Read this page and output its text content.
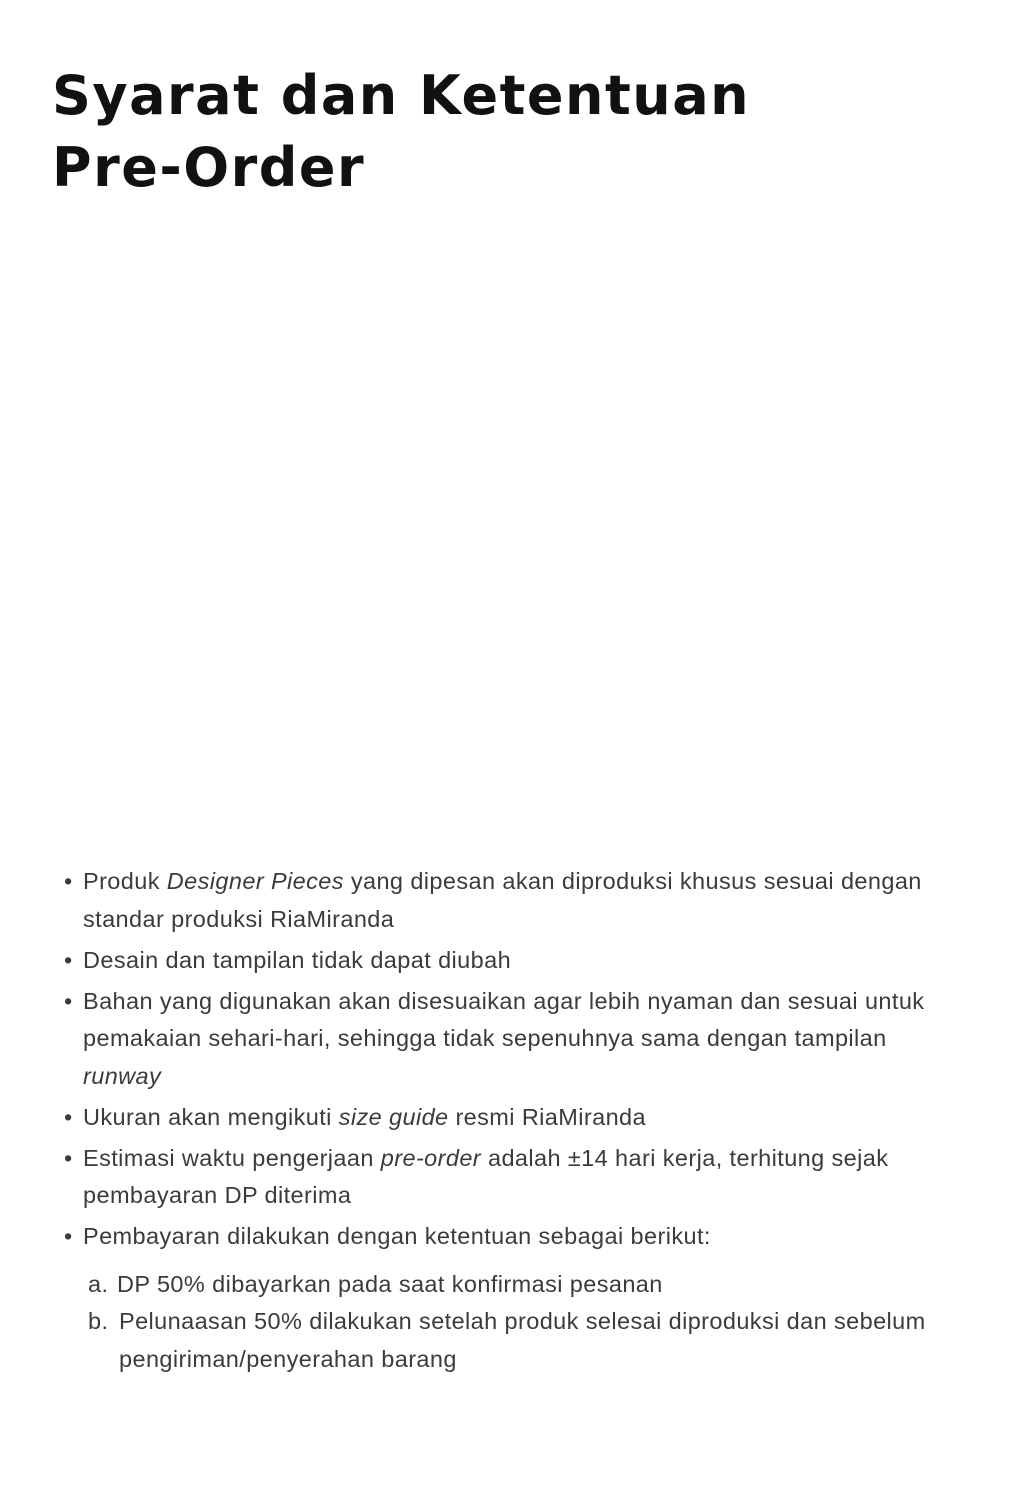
Syarat dan Ketentuan
Pre-Order
• Produk Designer Pieces yang dipesan akan diproduksi khusus sesuai dengan standar produksi RiaMiranda
• Desain dan tampilan tidak dapat diubah
• Bahan yang digunakan akan disesuaikan agar lebih nyaman dan sesuai untuk pemakaian sehari-hari, sehingga tidak sepenuhnya sama dengan tampilan runway
• Ukuran akan mengikuti size guide resmi RiaMiranda
• Estimasi waktu pengerjaan pre-order adalah ±14 hari kerja, terhitung sejak pembayaran DP diterima
• Pembayaran dilakukan dengan ketentuan sebagai berikut:
a. DP 50% dibayarkan pada saat konfirmasi pesanan
b. Pelunaasan 50% dilakukan setelah produk selesai diproduksi dan sebelum pengiriman/penyerahan barang
